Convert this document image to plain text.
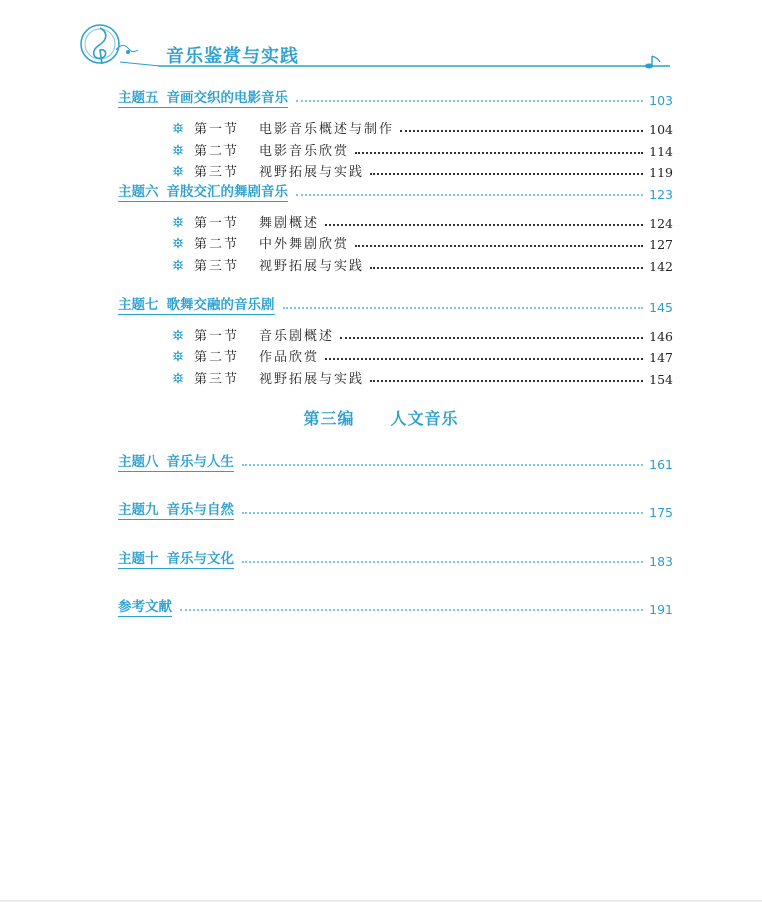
音乐鉴赏与实践
主题五 音画交织的电影音乐	103
第一节 电影音乐概述与制作	104
第二节 电影音乐欣赏	114
第三节 视野拓展与实践	119
主题六 音肢交汇的舞剧音乐	123
第一节 舞剧概述	124
第二节 中外舞剧欣赏	127
第三节 视野拓展与实践	142
主题七 歌舞交融的音乐剧	145
第一节 音乐剧概述	146
第二节 作品欣赏	147
第三节 视野拓展与实践	154
主题八 音乐与人生	161
主题九 音乐与自然	175
主题十 音乐与文化	183
参考文献	191
第三编 人文音乐
